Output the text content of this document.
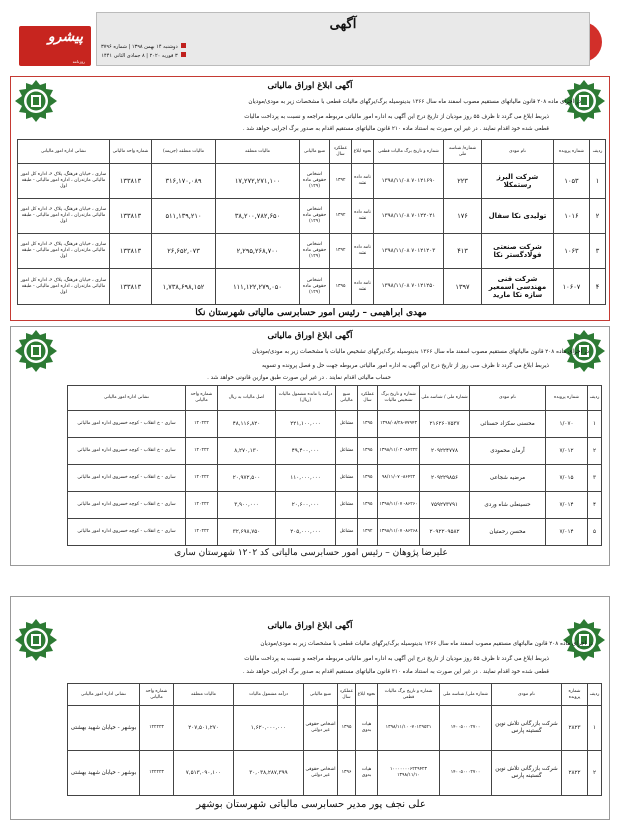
آگهی
دوشنبه ۱۴ بهمن ۱۳۹۸ | شماره ۳۷۹۶
۳ فوریه ۲۰۲۰ | ۸ جمادی الثانی ۱۴۴۱
پیشرو
روزنامه
آگهی ابلاغ اوراق مالیاتی
در اجرای ماده ۲۰۸ قانون مالیاتهای مستقیم مصوب اسفند ماه سال ۱۳۶۶ بدینوسیله برگ/برگهای مالیات قطعی با مشخصات زیر به مودی/مودیان
ذیربط ابلاغ می گردد تا ظرف ۵۵ روز مودیان از تاریخ درج این آگهی به اداره امور مالیاتی مربوطه مراجعه و نسبت به پرداخت مالیات
قطعی شده خود اقدام نمایند . در غیر این صورت به استناد ماده ۲۱۰ قانون مالیاتهای مستقیم اقدام به صدور برگ اجرایی خواهد شد .
ردیف	شماره پرونده	نام مودی	شماره/ شناسه ملی	شماره و تاریخ برگ مالیات قطعی	نحوه ابلاغ	عملکرد سال	منبع مالیاتی	مالیات متعلقه	مالیات متعلقه (جریمه)	شماره واحد مالیاتی	نشانی اداره امور مالیاتی
۱	۱۰۵۳	شرکت البرز رستمکلا	۲۲۳	۷۰۱۲۱۶۹۰ ۱۳۹۸/۱۱/۰۸	نامه داده نشد	۱۳۹۲	اشخاص حقوقی ماده (۱۲۹)	۱۷,۲۷۲,۲۷۱,۱۰۰	۳۱۶,۱۷۰,۰۸۹	۱۳۳۸۱۳	ساری ، خیابان فرهنگ، پلاک ۶، اداره کل امور مالیاتی مازندران ، اداره امور مالیاتی - طبقه اول
۲	۱۰۱۶	تولیدی نکا سفال	۱۷۶	۷۰۱۲۲۰۲۱ ۱۳۹۸/۱۱/۰۸	نامه داده نشد	۱۳۹۲	اشخاص حقوقی ماده (۱۲۹)	۳۸,۲۰۰,۷۸۲,۶۵۰	۵۱۱,۱۳۹,۲۱۰	۱۳۳۸۱۳	ساری ، خیابان فرهنگ، پلاک ۶، اداره کل امور مالیاتی مازندران ، اداره امور مالیاتی - طبقه اول
۳	۱۰۶۳	شرکت صنعتی فولادگستر نکا	۴۱۳	۷۰۱۲۱۲۰۳ ۱۳۹۸/۱۱/۰۸	نامه داده نشد	۱۳۹۲	اشخاص حقوقی ماده (۱۲۹)	۲,۲۹۵,۲۶۸,۷۰۰	۲۶,۶۵۲,۰۷۳	۱۳۳۸۱۳	ساری ، خیابان فرهنگ، پلاک ۶، اداره کل امور مالیاتی مازندران ، اداره امور مالیاتی - طبقه اول
۴	۱۰۶۰۷	شرکت فنی مهندسی اسمعیر سازه نکا مارید	۱۳۹۷	۷۰۱۲۱۲۵۰ ۱۳۹۸/۱۱/۰۸	نامه داده نشد	۱۳۹۵	اشخاص حقوقی ماده (۱۲۹)	۱۱۱,۱۲۲,۲۷۹,۰۵۰	۱,۷۳۸,۶۹۸,۱۵۲	۱۳۳۸۱۳	ساری ، خیابان فرهنگ، پلاک ۶، اداره کل امور مالیاتی مازندران ، اداره امور مالیاتی - طبقه اول
مهدی ابراهیمی – رئیس امور حسابرسی مالیاتی شهرستان نکا
آگهی ابلاغ اوراق مالیاتی
در اجرای ماده ۲۰۸ قانون مالیاتهای مستقیم مصوب اسفند ماه سال ۱۳۶۶ بدینوسیله برگ/برگهای تشخیص مالیات با مشخصات زیر به مودی/مودیان
ذیربط ابلاغ می گردد تا ظرف سی روز از تاریخ درج این آگهی به اداره امور مالیاتی مربوطه جهت حل و فصل پرونده و تسویه
حساب مالیاتی اقدام نمایند . در غیر این صورت طبق موازین قانونی خواهد شد .
ردیف	شماره پرونده	نام مودی	شماره ملی / شناسه ملی	شماره و تاریخ برگ تشخیص مالیات	عملکرد سال	منبع مالیاتی	درآمد یا مانده مشمول مالیات (ریال)	اصل مالیات به ریال	شماره واحد مالیاتی	نشانی اداره امور مالیاتی
۱	۱/۰۷۰	محسنی سکزاد حسنائی	۲۱۶۲۶۰۷۵۳۷	۱۳۹۸/۰۸/۲۸-۷۷۹۴۳	۱۳۹۵	مشاغل	۲۲۱,۱۰۰,۰۰۰	۴۸,۱۱۶,۸۲۰	۱۲۰۲۲۲	ساری - خ انقلاب - کوچه خسروی اداره امور مالیاتی
۲	۷/۰۱۲	آرمان محمودی	۲۰۹۲۲۴۷۷۸	۸۴۲۲۲- ۱۳۹۸/۱۱/۰۳	۱۳۹۵	مشاغل	۴۹,۴۰۰,۰۰۰	۸,۲۷۰,۱۳۰	۱۲۰۲۲۲	ساری - خ انقلاب - کوچه خسروی اداره امور مالیاتی
۳	۷/۰۱۵	مرضیه شجاعی	۲۰۹۲۲۹۸۵۶	۸۶۴۲۲- ۹۸/۱۱/۰۷	۱۳۹۵	مشاغل	۱۱۰,۰۰۰,۰۰۰	۲۰,۹۷۲,۵۰۰	۱۲۰۲۲۲	ساری - خ انقلاب - کوچه خسروی اداره امور مالیاتی
۴	۷/۰۱۴	حسینعلی شاه وردی	۷۵۹۲۷۳۷۹۱	۸۶۲۶۰- ۱۳۹۸/۱۱/۰۷	۱۳۹۵	مشاغل	۲۰,۶۰۰,۰۰۰	۳,۹۰۰,۰۰۰	۱۲۰۲۲۲	ساری - خ انقلاب - کوچه خسروی اداره امور مالیاتی
۵	۷/۰۱۴	محسن رحمتیان	۲۰۹۲۲۰۹۵۸۲	۸۶۲۶۸- ۱۳۹۸/۱۱/۰۷	۱۳۹۲	مشاغل	۲۰۵,۰۰۰,۰۰۰	۳۲,۶۹۸,۷۵۰	۱۲۰۲۲۲	ساری - خ انقلاب - کوچه خسروی اداره امور مالیاتی
علیرضا پژوهان – رئیس امور حسابرسی مالیاتی کد ۱۲۰۲ شهرستان ساری
آگهی ابلاغ اوراق مالیاتی
در اجرای ماده ۲۰۸ قانون مالیاتهای مستقیم مصوب اسفند ماه سال ۱۳۶۶ بدینوسیله برگ/برگهای مالیات قطعی با مشخصات زیر به مودی/مودیان
ذیربط ابلاغ می گردد تا ظرف ۵۵ روز مودیان از تاریخ درج این آگهی به اداره امور مالیاتی مربوطه مراجعه و نسبت به پرداخت مالیات
قطعی شده خود اقدام نمایند . در غیر این صورت به استناد ماده ۲۱۰ قانون مالیاتهای مستقیم اقدام به صدور برگ اجرایی خواهد شد .
ردیف	شماره پرونده	نام مودی	شماره ملی/ شناسه ملی	شماره و تاریخ برگ مالیات قطعی	نحوه ابلاغ	عملکرد سال	منبع مالیاتی	درآمد مشمول مالیات	مالیات متعلقه	شماره واحد مالیاتی	نشانی اداره امور مالیاتی
۱	۲۸۲۳	شرکت بازرگانی تلاش نوین گستینه پارس	۱۴۰۰۵۰۰۰۲۷۰۰	۷۰۱۲۹۵۲۱- ۱۳۹۸/۱۱/۱۰	هیات بدوی	۱۳۹۵	اشخاص حقوقی غیر دولتی	۱,۶۲۰,۰۰۰,۰۰۰	۲۰۷,۵۰۱,۲۷۰	۱۲۲۲۲۳	بوشهر - خیابان شهید بهشتی
۲	۲۸۲۲	شرکت بازرگانی تلاش نوین گستینه پارس	۱۴۰۰۵۰۰۰۲۷۰۰	۱۰۰۰۰۰۰۰۶۲۲۹۴۲۳ ۱۳۹۸/۱۱/۱۰	هیات بدوی	۱۳۹۶	اشخاص حقوقی غیر دولتی	۳۰,۰۳۸,۲۸۷,۳۹۹	۷,۵۱۳,۰۹۰,۱۰۰	۱۲۲۲۲۳	بوشهر - خیابان شهید بهشتی
علی نجف پور مدیر حسابرسی مالیاتی شهرستان بوشهر
